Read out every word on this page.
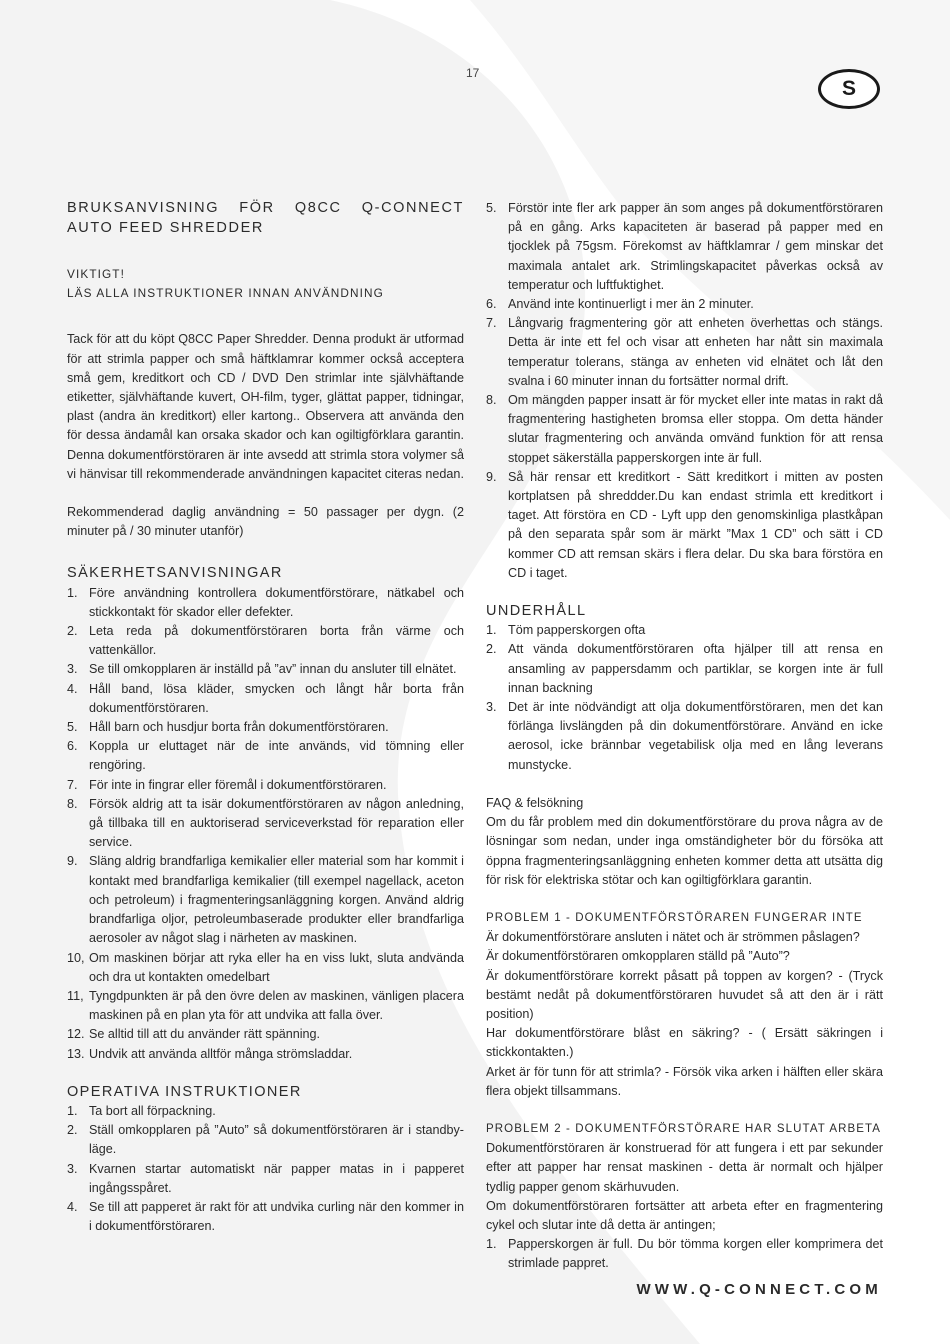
17
S
BRUKSANVISNING FÖR Q8CC Q-CONNECT
AUTO FEED SHREDDER

VIKTIGT!

LÄS ALLA INSTRUKTIONER INNAN ANVÄNDNING

Tack för att du köpt Q8CC Paper Shredder. Denna produkt är utformad för att strimla papper och små häftklamrar kommer också acceptera små gem, kreditkort och CD / DVD Den strimlar inte självhäftande etiketter, självhäftande kuvert, OH-film, tyger, glättat papper, tidningar, plast (andra än kreditkort) eller kartong.. Observera att använda den för dessa ändamål kan orsaka skador och kan ogiltigförklara garantin. Denna dokumentförstöraren är inte avsedd att strimla stora volymer så vi hänvisar till rekommenderade användningen kapacitet citeras nedan.

Rekommenderad daglig användning = 50 passager per dygn. (2 minuter på / 30 minuter utanför)

SÄKERHETSANVISNINGAR
1. Före användning kontrollera dokumentförstörare, nätkabel och stickkontakt för skador eller defekter.
2. Leta reda på dokumentförstöraren borta från värme och vattenkällor.
3. Se till omkopplaren är inställd på ”av” innan du ansluter till elnätet.
4. Håll band, lösa kläder, smycken och långt hår borta från dokumentförstöraren.
5. Håll barn och husdjur borta från dokumentförstöraren.
6. Koppla ur eluttaget när de inte används, vid tömning eller rengöring.
7. För inte in fingrar eller föremål i dokumentförstöraren.
8. Försök aldrig att ta isär dokumentförstöraren av någon anledning, gå tillbaka till en auktoriserad serviceverkstad för reparation eller service.
9. Släng aldrig brandfarliga kemikalier eller material som har kommit i kontakt med brandfarliga kemikalier (till exempel nagellack, aceton och petroleum) i fragmenteringsanläggning korgen. Använd aldrig brandfarliga oljor, petroleumbaserade produkter eller brandfarliga aerosoler av något slag i närheten av maskinen.
10, Om maskinen börjar att ryka eller ha en viss lukt, sluta andvända och dra ut kontakten omedelbart
11, Tyngdpunkten är på den övre delen av maskinen, vänligen placera maskinen på en plan yta för att undvika att falla över.
12. Se alltid till att du använder rätt spänning.
13. Undvik att använda alltför många strömsladdar.
OPERATIVA INSTRUKTIONER
1. Ta bort all förpackning.
2. Ställ omkopplaren på ”Auto” så dokumentförstöraren är i standby-läge.
3. Kvarnen startar automatiskt när papper matas in i papperet ingångsspåret.
4. Se till att papperet är rakt för att undvika curling när den kommer in i dokumentförstöraren.
5. Förstör inte fler ark papper än som anges på dokumentförstöraren på en gång. Arks kapaciteten är baserad på papper med en tjocklek på 75gsm. Förekomst av häftklamrar / gem minskar det maximala antalet ark. Strimlingskapacitet påverkas också av temperatur och luftfuktighet.
6. Använd inte kontinuerligt i mer än 2 minuter.
7. Långvarig fragmentering gör att enheten överhettas och stängs. Detta är inte ett fel och visar att enheten har nått sin maximala temperatur tolerans, stänga av enheten vid elnätet och låt den svalna i 60 minuter innan du fortsätter normal drift.
8. Om mängden papper insatt är för mycket eller inte matas in rakt då fragmentering hastigheten bromsa eller stoppa. Om detta händer slutar fragmentering och använda omvänd funktion för att rensa stoppet säkerställa papperskorgen inte är full.
9. Så här rensar ett kreditkort - Sätt kreditkort i mitten av posten kortplatsen på shreddder.Du kan endast strimla ett kreditkort i taget. Att förstöra en CD - Lyft upp den genomskinliga plastkåpan på den separata spår som är märkt ”Max 1 CD” och sätt i CD kommer CD att remsan skärs i flera delar. Du ska bara förstöra en CD i taget.
UNDERHÅLL
1. Töm papperskorgen ofta
2. Att vända dokumentförstöraren ofta hjälper till att rensa en ansamling av pappersdamm och partiklar, se korgen inte är full innan backning
3. Det är inte nödvändigt att olja dokumentförstöraren, men det kan förlänga livslängden på din dokumentförstörare. Använd en icke aerosol, icke brännbar vegetabilisk olja med en lång leverans munstycke.

FAQ & felsökning

Om du får problem med din dokumentförstörare du prova några av de lösningar som nedan, under inga omständigheter bör du försöka att öppna fragmenteringsanläggning enheten kommer detta att utsätta dig för risk för elektriska stötar och kan ogiltigförklara garantin.

PROBLEM 1 - DOKUMENTFÖRSTÖRAREN FUNGERAR INTE

Är dokumentförstörare ansluten i nätet och är strömmen påslagen?

Är dokumentförstöraren omkopplaren ställd på ”Auto”?

Är dokumentförstörare korrekt påsatt på toppen av korgen? - (Tryck bestämt nedåt på dokumentförstöraren huvudet så att den är i rätt position)

Har dokumentförstörare blåst en säkring? - ( Ersätt säkringen i stickkontakten.)

Arket är för tunn för att strimla? - Försök vika arken i hälften eller skära flera objekt tillsammans.

PROBLEM 2 - DOKUMENTFÖRSTÖRARE HAR SLUTAT ARBETA

Dokumentförstöraren är konstruerad för att fungera i ett par sekunder efter att papper har rensat maskinen - detta är normalt och hjälper tydlig papper genom skärhuvuden.

Om dokumentförstöraren fortsätter att arbeta efter en fragmentering cykel och slutar inte då detta är antingen;

1. Papperskorgen är full. Du bör tömma korgen eller komprimera det strimlade pappret.
WWW.Q-CONNECT.COM
